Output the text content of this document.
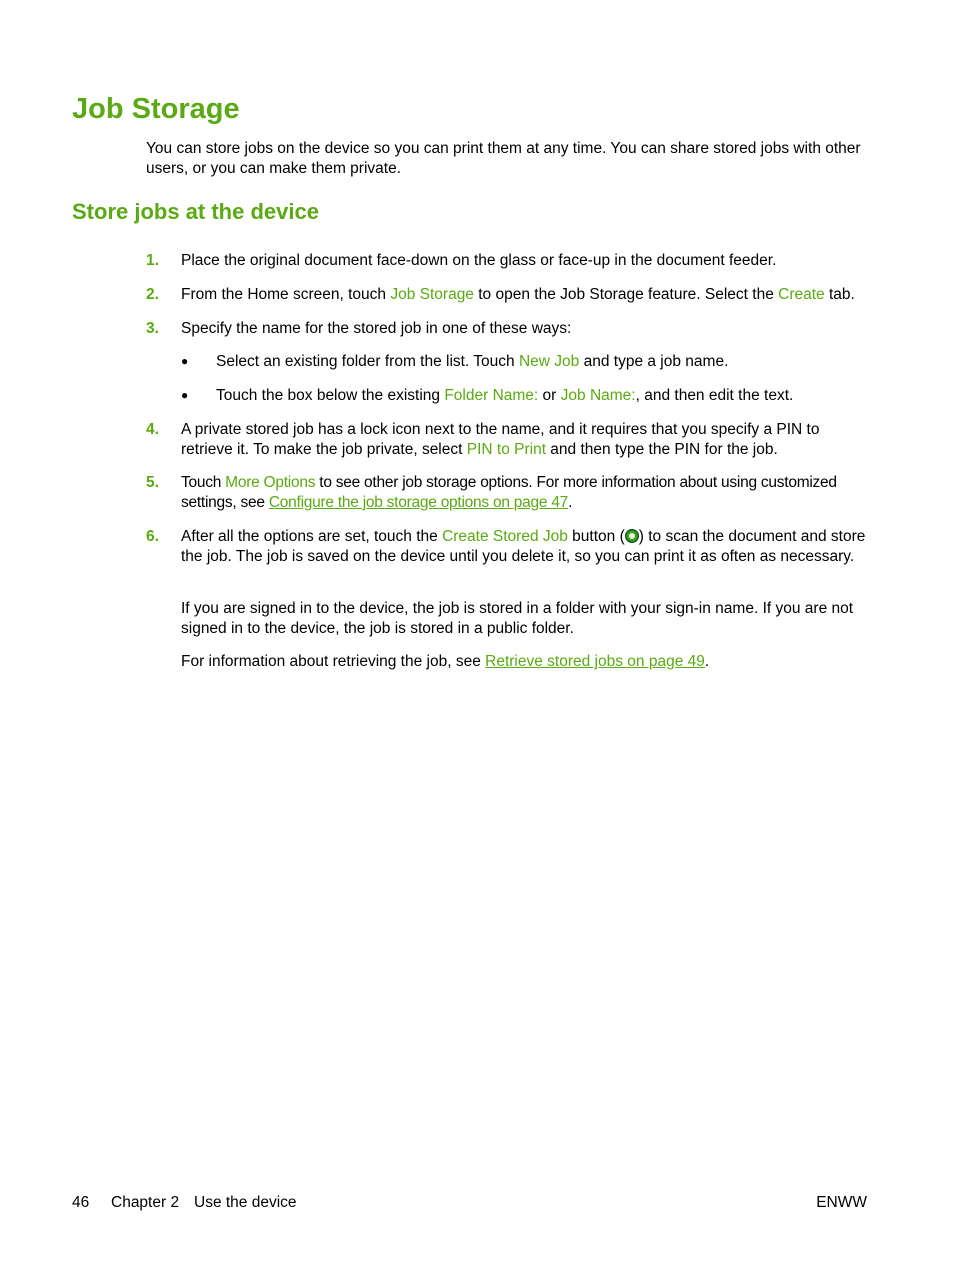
Job Storage

You can store jobs on the device so you can print them at any time. You can share stored jobs with other users, or you can make them private.

Store jobs at the device
1. Place the original document face-down on the glass or face-up in the document feeder.
2. From the Home screen, touch Job Storage to open the Job Storage feature. Select the Create tab.
3. Specify the name for the stored job in one of these ways:
● Select an existing folder from the list. Touch New Job and type a job name.
● Touch the box below the existing Folder Name: or Job Name:, and then edit the text.
4. A private stored job has a lock icon next to the name, and it requires that you specify a PIN to retrieve it. To make the job private, select PIN to Print and then type the PIN for the job.
5. Touch More Options to see other job storage options. For more information about using customized settings, see Configure the job storage options on page 47.
6. After all the options are set, touch the Create Stored Job button ( ) to scan the document and store the job. The job is saved on the device until you delete it, so you can print it as often as necessary.

If you are signed in to the device, the job is stored in a folder with your sign-in name. If you are not signed in to the device, the job is stored in a public folder.

For information about retrieving the job, see Retrieve stored jobs on page 49.

46 Chapter 2 Use the device	ENWW
